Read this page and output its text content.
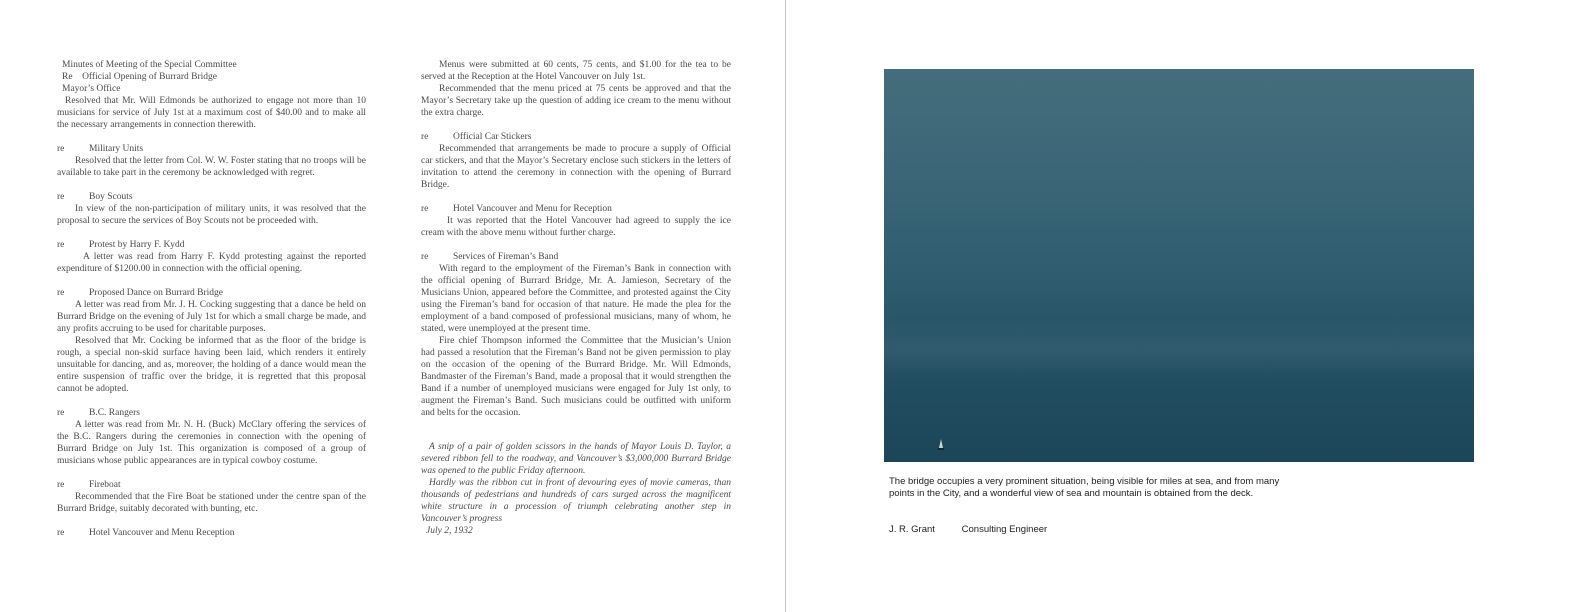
Minutes of Meeting of the Special Committee

Re Official Opening of Burrard Bridge

Mayor’s Office

Resolved that Mr. Will Edmonds be authorized to engage not more than 10 musicians for service of July 1st at a maximum cost of $40.00 and to make all the necessary arrangements in connection therewith.

re	Military Units

Resolved that the letter from Col. W. W. Foster stating that no troops will be available to take part in the ceremony be acknowledged with regret.

re	Boy Scouts

In view of the non-participation of military units, it was resolved that the proposal to secure the services of Boy Scouts not be proceeded with.

re	Protest by Harry F. Kydd

A letter was read from Harry F. Kydd protesting against the reported expenditure of $1200.00 in connection with the official opening.

re	Proposed Dance on Burrard Bridge

A letter was read from Mr. J. H. Cocking suggesting that a dance be held on Burrard Bridge on the evening of July 1st for which a small charge be made, and any profits accruing to be used for charitable purposes.

Resolved that Mr. Cocking be informed that as the floor of the bridge is rough, a special non-skid surface having been laid, which renders it entirely unsuitable for dancing, and as, moreover, the holding of a dance would mean the entire suspension of traffic over the bridge, it is regretted that this proposal cannot be adopted.

re	B.C. Rangers

A letter was read from Mr. N. H. (Buck) McClary offering the services of the B.C. Rangers during the ceremonies in connection with the opening of Burrard Bridge on July 1st. This organization is composed of a group of musicians whose public appearances are in typical cowboy costume.

re	Fireboat

Recommended that the Fire Boat be stationed under the centre span of the Burrard Bridge, suitably decorated with bunting, etc.

re	Hotel Vancouver and Menu Reception

Menus were submitted at 60 cents, 75 cents, and $1.00 for the tea to be served at the Reception at the Hotel Vancouver on July 1st.

Recommended that the menu priced at 75 cents be approved and that the Mayor’s Secretary take up the question of adding ice cream to the menu without the extra charge.

re	Official Car Stickers

Recommended that arrangements be made to procure a supply of Official car stickers, and that the Mayor’s Secretary enclose such stickers in the letters of invitation to attend the ceremony in connection with the opening of Burrard Bridge.

re	Hotel Vancouver and Menu for Reception

It was reported that the Hotel Vancouver had agreed to supply the ice cream with the above menu without further charge.

re	Services of Fireman’s Band

With regard to the employment of the Fireman’s Bank in connection with the official opening of Burrard Bridge, Mr. A. Jamieson, Secretary of the Musicians Union, appeared before the Committee, and protested against the City using the Fireman’s band for occasion of that nature. He made the plea for the employment of a band composed of professional musicians, many of whom, he stated, were unemployed at the present time.

Fire chief Thompson informed the Committee that the Musician’s Union had passed a resolution that the Fireman’s Band not be given permission to play on the occasion of the opening of the Burrard Bridge. Mr. Will Edmonds, Bandmaster of the Fireman’s Band, made a proposal that it would strengthen the Band if a number of unemployed musicians were engaged for July 1st only, to augment the Fireman’s Band. Such musicians could be outfitted with uniform and belts for the occasion.

A snip of a pair of golden scissors in the hands of Mayor Louis D. Taylor, a severed ribbon fell to the roadway, and Vancouver’s $3,000,000 Burrard Bridge was opened to the public Friday afternoon.

Hardly was the ribbon cut in front of devouring eyes of movie cameras, than thousands of pedestrians and hundreds of cars surged across the magnificent white structure in a procession of triumph celebrating another step in Vancouver’s progress

July 2, 1932

The bridge occupies a very prominent situation, being visible for miles at sea, and from many points in the City, and a wonderful view of sea and mountain is obtained from the deck.

J. R. Grant	Consulting Engineer
